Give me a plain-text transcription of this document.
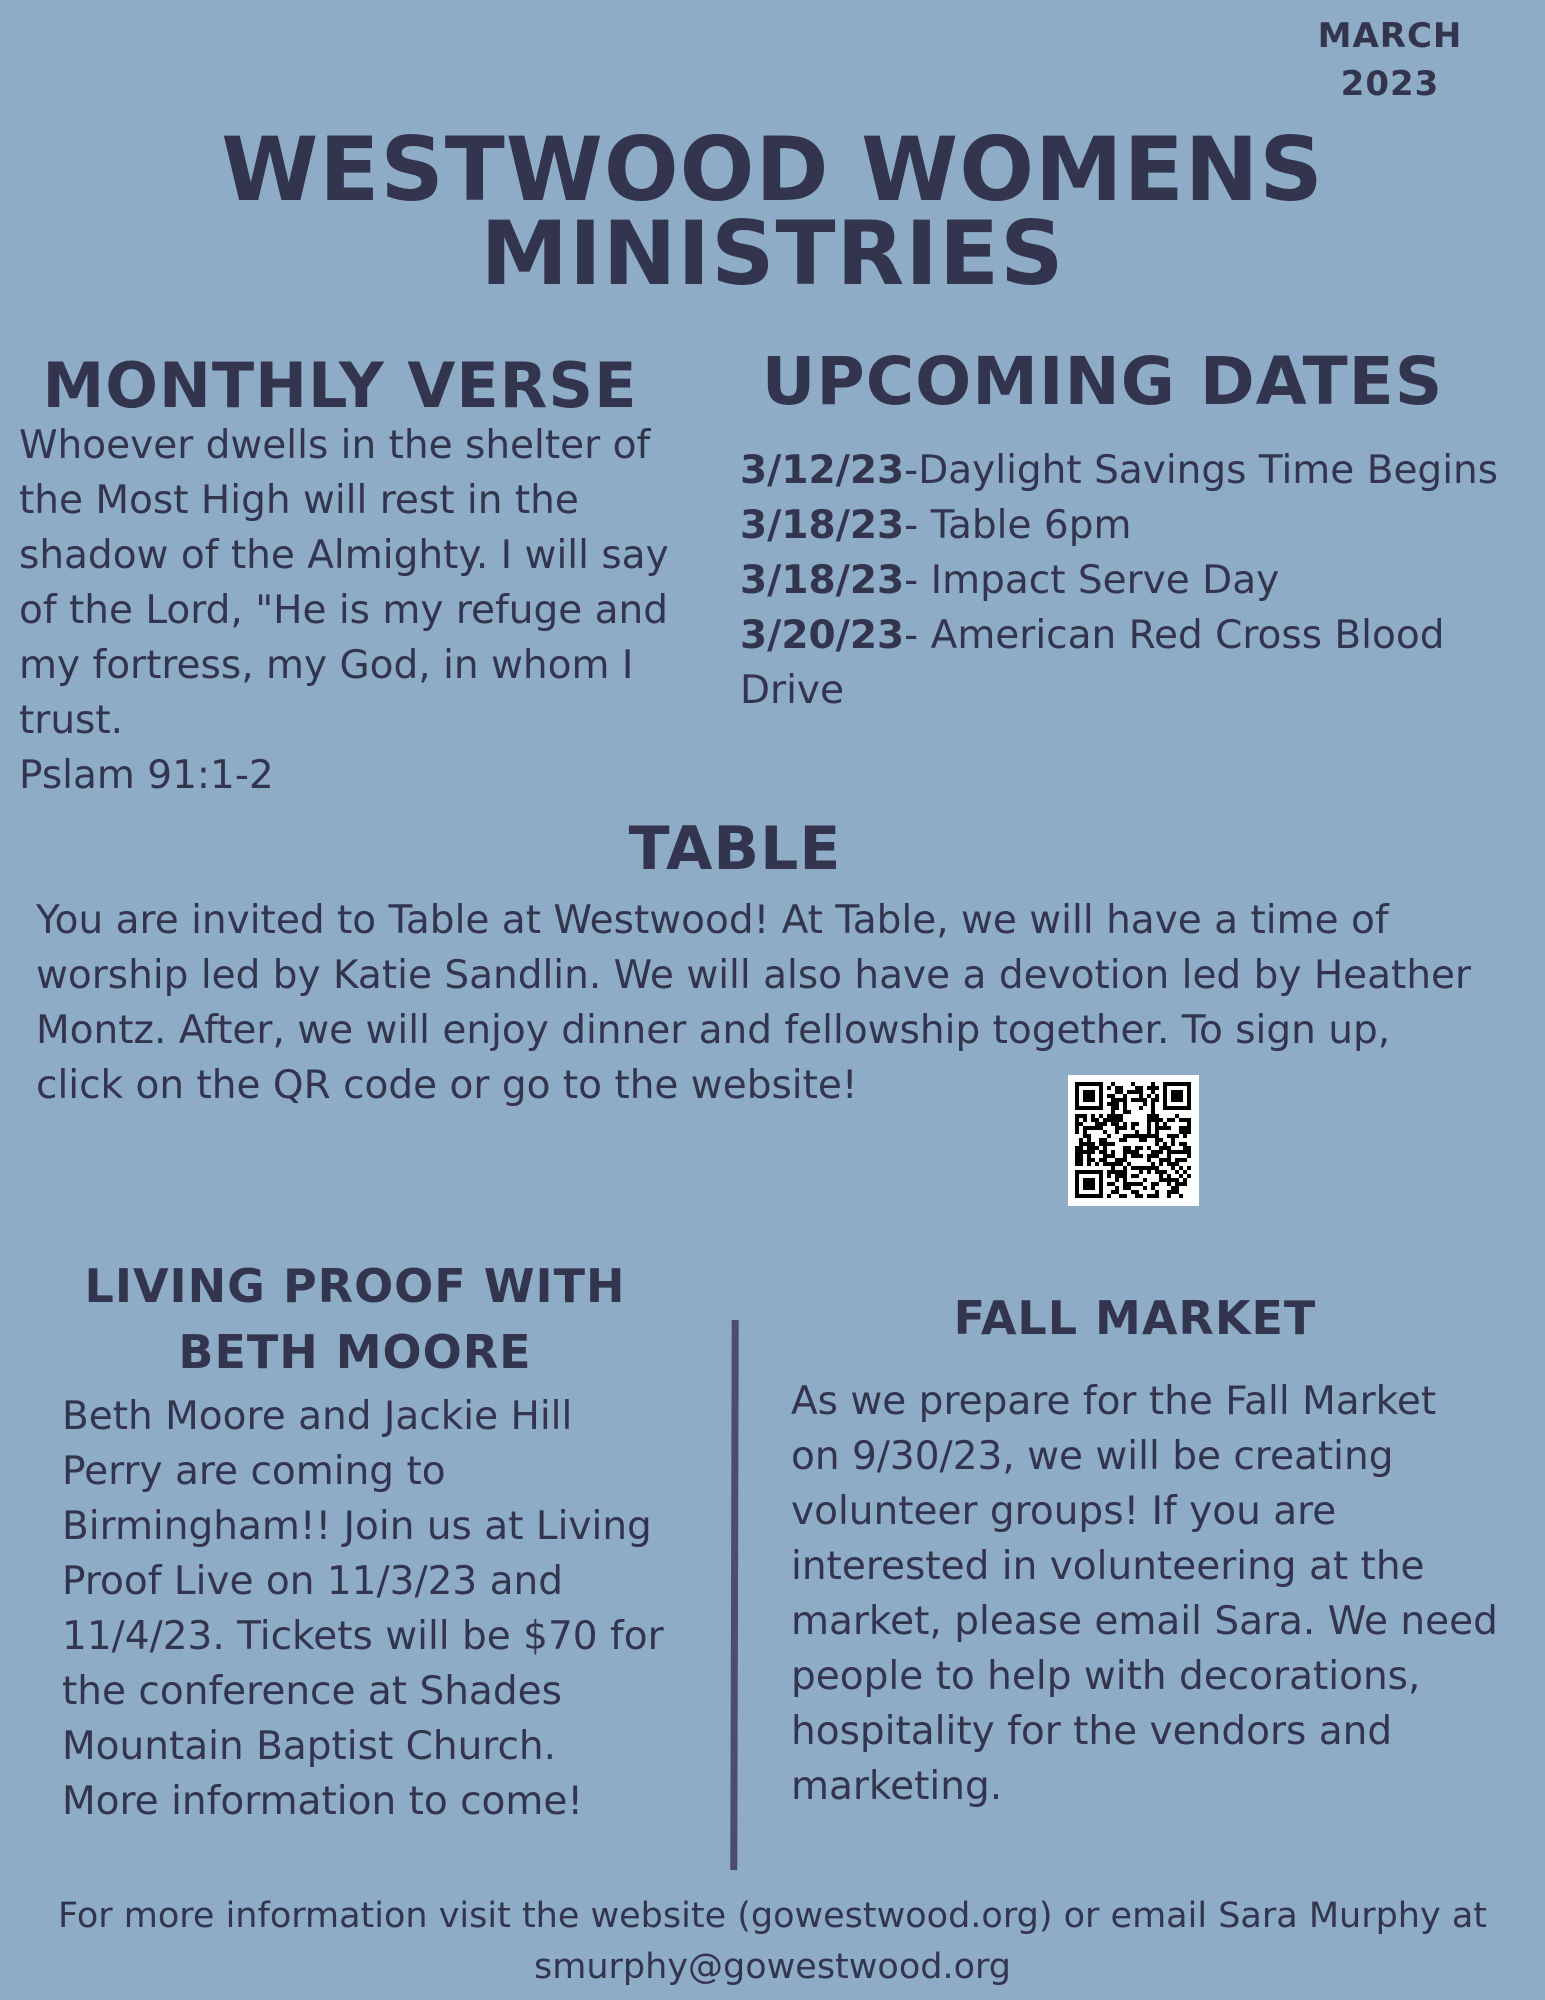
MARCH
2023
WESTWOOD WOMENS
MINISTRIES
MONTHLY VERSE
Whoever dwells in the shelter of
the Most High will rest in the
shadow of the Almighty. I will say
of the Lord, "He is my refuge and
my fortress, my God, in whom I
trust.
Pslam 91:1-2
UPCOMING DATES
3/12/23-Daylight Savings Time Begins
3/18/23- Table 6pm
3/18/23- Impact Serve Day
3/20/23- American Red Cross Blood
Drive
TABLE
You are invited to Table at Westwood! At Table, we will have a time of
worship led by Katie Sandlin. We will also have a devotion led by Heather
Montz. After, we will enjoy dinner and fellowship together. To sign up,
click on the QR code or go to the website!
LIVING PROOF WITH
BETH MOORE
Beth Moore and Jackie Hill
Perry are coming to
Birmingham!! Join us at Living
Proof Live on 11/3/23 and
11/4/23. Tickets will be $70 for
the conference at Shades
Mountain Baptist Church.
More information to come!
FALL MARKET
As we prepare for the Fall Market
on 9/30/23, we will be creating
volunteer groups! If you are
interested in volunteering at the
market, please email Sara. We need
people to help with decorations,
hospitality for the vendors and
marketing.
For more information visit the website (gowestwood.org) or email Sara Murphy at
smurphy@gowestwood.org
